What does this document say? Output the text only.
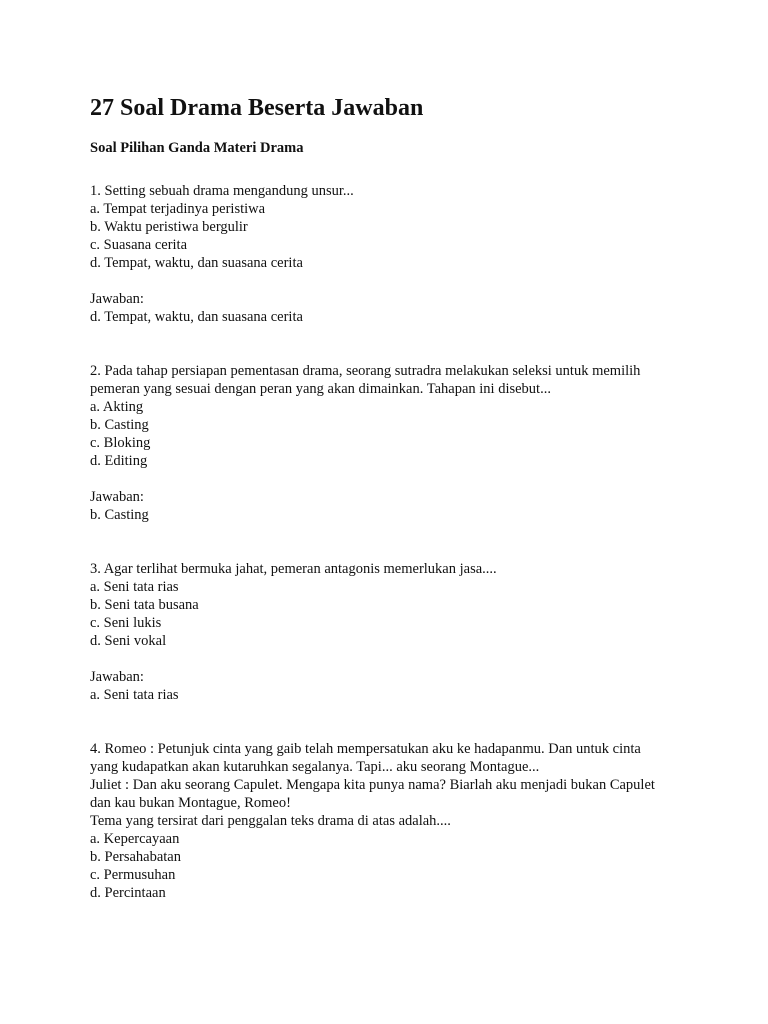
27 Soal Drama Beserta Jawaban
Soal Pilihan Ganda Materi Drama
1. Setting sebuah drama mengandung unsur...
a. Tempat terjadinya peristiwa
b. Waktu peristiwa bergulir
c. Suasana cerita
d. Tempat, waktu, dan suasana cerita
Jawaban:
d. Tempat, waktu, dan suasana cerita
2. Pada tahap persiapan pementasan drama, seorang sutradra melakukan seleksi untuk memilih
pemeran yang sesuai dengan peran yang akan dimainkan. Tahapan ini disebut...
a. Akting
b. Casting
c. Bloking
d. Editing
Jawaban:
b. Casting
3. Agar terlihat bermuka jahat, pemeran antagonis memerlukan jasa....
a. Seni tata rias
b. Seni tata busana
c. Seni lukis
d. Seni vokal
Jawaban:
a. Seni tata rias
4. Romeo : Petunjuk cinta yang gaib telah mempersatukan aku ke hadapanmu. Dan untuk cinta
yang kudapatkan akan kutaruhkan segalanya. Tapi... aku seorang Montague...
Juliet : Dan aku seorang Capulet. Mengapa kita punya nama? Biarlah aku menjadi bukan Capulet
dan kau bukan Montague, Romeo!
Tema yang tersirat dari penggalan teks drama di atas adalah....
a. Kepercayaan
b. Persahabatan
c. Permusuhan
d. Percintaan
